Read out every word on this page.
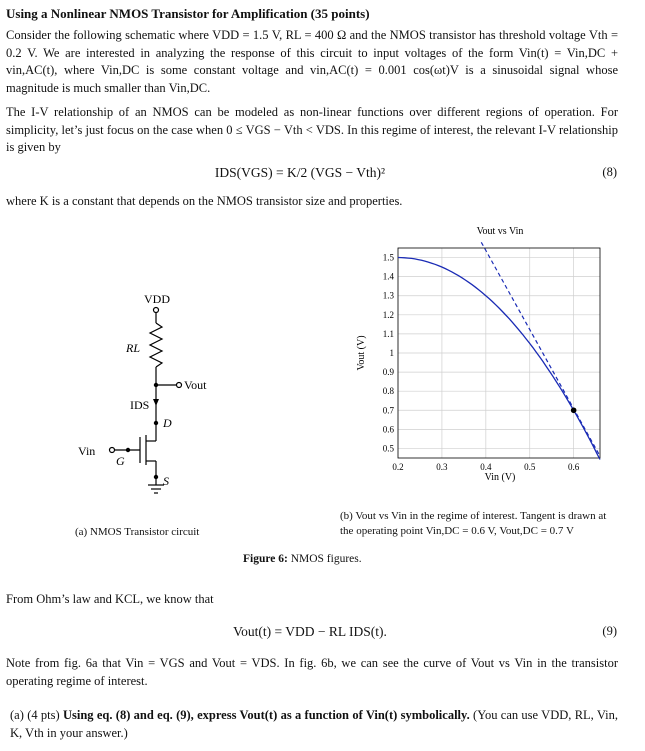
Using a Nonlinear NMOS Transistor for Amplification (35 points)
Consider the following schematic where VDD = 1.5 V, RL = 400 Ω and the NMOS transistor has threshold voltage Vth = 0.2 V. We are interested in analyzing the response of this circuit to input voltages of the form Vin(t) = Vin,DC + vin,AC(t), where Vin,DC is some constant voltage and vin,AC(t) = 0.001 cos(ωt)V is a sinusoidal signal whose magnitude is much smaller than Vin,DC.
The I-V relationship of an NMOS can be modeled as non-linear functions over different regions of operation. For simplicity, let’s just focus on the case when 0 ≤ VGS − Vth < VDS. In this regime of interest, the relevant I-V relationship is given by
IDS(VGS) = K/2 (VGS − Vth)²	(8)
where K is a constant that depends on the NMOS transistor size and properties.
VDD
RL
Vout
IDS
D
G
S
Vin
(a) NMOS Transistor circuit
Vout vs Vin
0.2	0.3	0.4	0.5	0.6
0.5
0.6
0.7
0.8
0.9
1
1.1
1.2
1.3
1.4
1.5
Vin (V)
Vout (V)
(b) Vout vs Vin in the regime of interest. Tangent is drawn at the operating point Vin,DC = 0.6 V, Vout,DC = 0.7 V
Figure 6: NMOS figures.
From Ohm’s law and KCL, we know that
Vout(t) = VDD − RL IDS(t).	(9)
Note from fig. 6a that Vin = VGS and Vout = VDS. In fig. 6b, we can see the curve of Vout vs Vin in the transistor operating regime of interest.
(a) (4 pts) Using eq. (8) and eq. (9), express Vout(t) as a function of Vin(t) symbolically. (You can use VDD, RL, Vin, K, Vth in your answer.)
